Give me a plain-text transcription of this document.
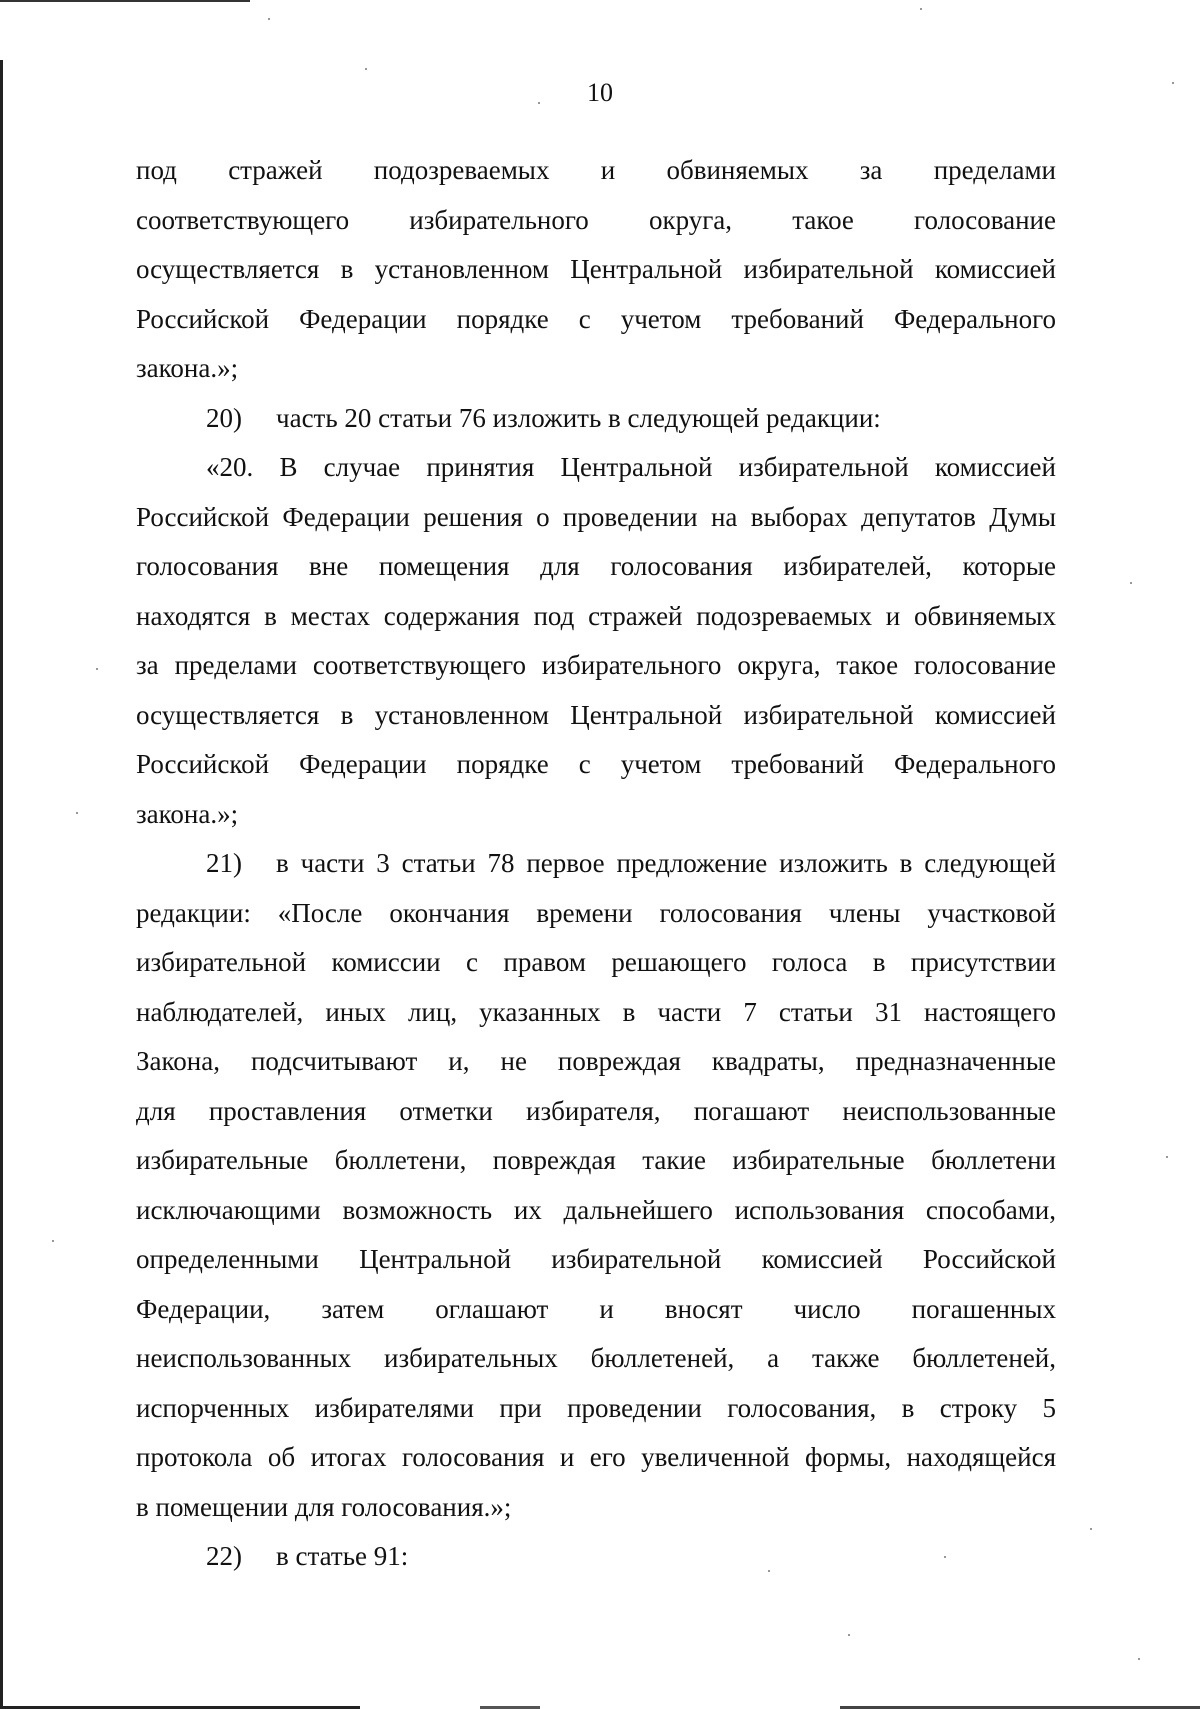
10
под стражей подозреваемых и обвиняемых за пределами
соответствующего избирательного округа, такое голосование
осуществляется в установленном Центральной избирательной комиссией
Российской Федерации порядке с учетом требований Федерального
закона.»;
20) часть 20 статьи 76 изложить в следующей редакции:
«20. В случае принятия Центральной избирательной комиссией
Российской Федерации решения о проведении на выборах депутатов Думы
голосования вне помещения для голосования избирателей, которые
находятся в местах содержания под стражей подозреваемых и обвиняемых
за пределами соответствующего избирательного округа, такое голосование
осуществляется в установленном Центральной избирательной комиссией
Российской Федерации порядке с учетом требований Федерального
закона.»;
21) в части 3 статьи 78 первое предложение изложить в следующей
редакции: «После окончания времени голосования члены участковой
избирательной комиссии с правом решающего голоса в присутствии
наблюдателей, иных лиц, указанных в части 7 статьи 31 настоящего
Закона, подсчитывают и, не повреждая квадраты, предназначенные
для проставления отметки избирателя, погашают неиспользованные
избирательные бюллетени, повреждая такие избирательные бюллетени
исключающими возможность их дальнейшего использования способами,
определенными Центральной избирательной комиссией Российской
Федерации, затем оглашают и вносят число погашенных
неиспользованных избирательных бюллетеней, а также бюллетеней,
испорченных избирателями при проведении голосования, в строку 5
протокола об итогах голосования и его увеличенной формы, находящейся
в помещении для голосования.»;
22) в статье 91:
